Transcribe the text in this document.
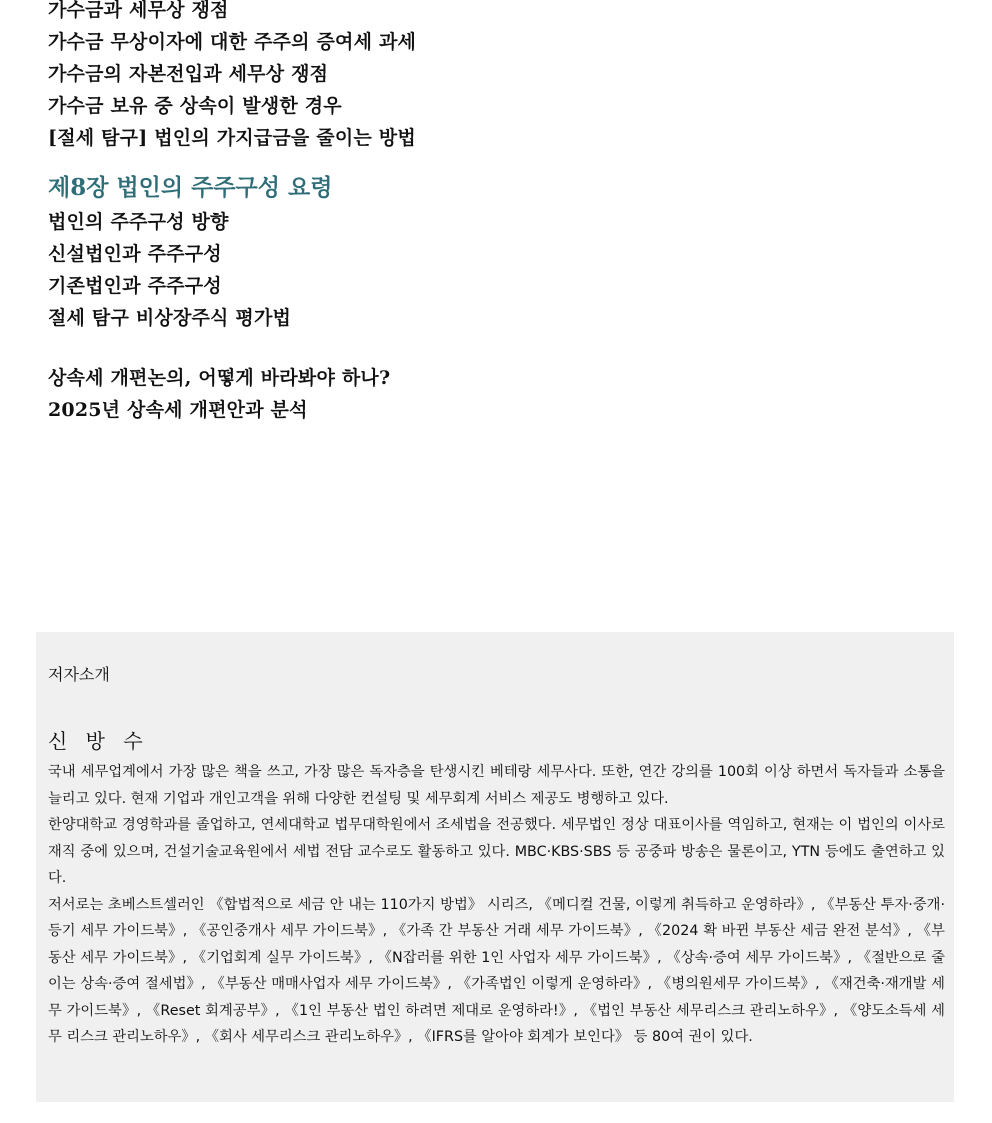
가수금과 세무상 쟁점
가수금 무상이자에 대한 주주의 증여세 과세
가수금의 자본전입과 세무상 쟁점
가수금 보유 중 상속이 발생한 경우
[절세 탐구] 법인의 가지급금을 줄이는 방법
제8장 법인의 주주구성 요령
법인의 주주구성 방향
신설법인과 주주구성
기존법인과 주주구성
절세 탐구 비상장주식 평가법
상속세 개편논의, 어떻게 바라봐야 하나?
2025년 상속세 개편안과 분석
저자소개
신 방 수

국내 세무업계에서 가장 많은 책을 쓰고, 가장 많은 독자층을 탄생시킨 베테랑 세무사다. 또한, 연간 강의를 100회 이상 하면서 독자들과 소통을 늘리고 있다. 현재 기업과 개인고객을 위해 다양한 컨설팅 및 세무회계 서비스 제공도 병행하고 있다.

한양대학교 경영학과를 졸업하고, 연세대학교 법무대학원에서 조세법을 전공했다. 세무법인 정상 대표이사를 역임하고, 현재는 이 법인의 이사로 재직 중에 있으며, 건설기술교육원에서 세법 전담 교수로도 활동하고 있다. MBC·KBS·SBS 등 공중파 방송은 물론이고, YTN 등에도 출연하고 있다.

저서로는 초베스트셀러인 《합법적으로 세금 안 내는 110가지 방법》 시리즈, 《메디컬 건물, 이렇게 취득하고 운영하라》, 《부동산 투자·중개·등기 세무 가이드북》, 《공인중개사 세무 가이드북》, 《가족 간 부동산 거래 세무 가이드북》, 《2024 확 바뀐 부동산 세금 완전 분석》, 《부동산 세무 가이드북》, 《기업회계 실무 가이드북》, 《N잡러를 위한 1인 사업자 세무 가이드북》, 《상속·증여 세무 가이드북》, 《절반으로 줄이는 상속·증여 절세법》, 《부동산 매매사업자 세무 가이드북》, 《가족법인 이렇게 운영하라》, 《병의원세무 가이드북》, 《재건축·재개발 세무 가이드북》, 《Reset 회계공부》, 《1인 부동산 법인 하려면 제대로 운영하라!》, 《법인 부동산 세무리스크 관리노하우》, 《양도소득세 세무 리스크 관리노하우》, 《회사 세무리스크 관리노하우》, 《IFRS를 알아야 회계가 보인다》 등 80여 권이 있다.
